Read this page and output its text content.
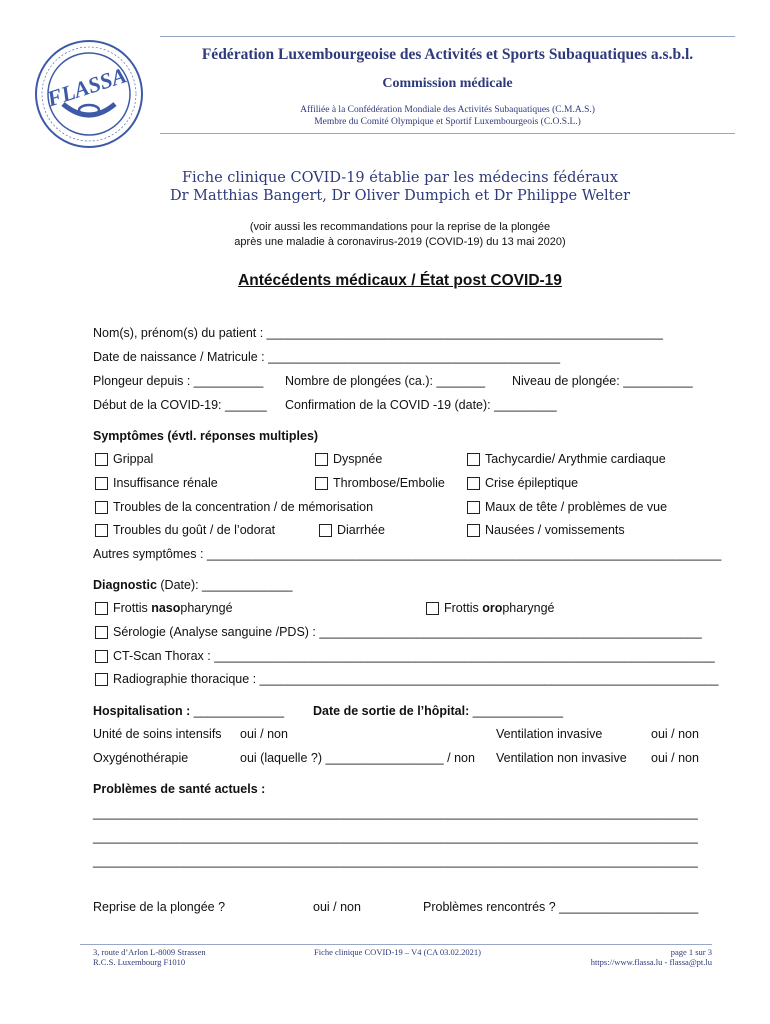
FLASSA
Fédération Luxembourgeoise des Activités et Sports Subaquatiques a.s.b.l.
Commission médicale
Affiliée à la Confédération Mondiale des Activités Subaquatiques (C.M.A.S.)
Membre du Comité Olympique et Sportif Luxembourgeois (C.O.S.L.)
Fiche clinique COVID-19 établie par les médecins fédéraux
Dr Matthias Bangert, Dr Oliver Dumpich et Dr Philippe Welter
(voir aussi les recommandations pour la reprise de la plongée
après une maladie à coronavirus-2019 (COVID-19) du 13 mai 2020)
Antécédents médicaux / État post COVID-19
Nom(s), prénom(s) du patient : _________________________________________________________
Date de naissance / Matricule : __________________________________________
Plongeur depuis : __________ Nombre de plongées (ca.): _______ Niveau de plongée: __________
Début de la COVID-19: ______ Confirmation de la COVID -19 (date): _________
Symptômes (évtl. réponses multiples)
Grippal	Dyspnée	Tachycardie/ Arythmie cardiaque
Insuffisance rénale	Thrombose/Embolie	Crise épileptique
Troubles de la concentration / de mémorisation	Maux de tête / problèmes de vue
Troubles du goût / de l’odorat	Diarrhée	Nausées / vomissements
Autres symptômes : __________________________________________________________________________
Diagnostic (Date): _____________
Frottis nasopharyngé	Frottis oropharyngé
Sérologie (Analyse sanguine /PDS) : _______________________________________________________
CT-Scan Thorax : ________________________________________________________________________
Radiographie thoracique : __________________________________________________________________
Hospitalisation : _____________ Date de sortie de l’hôpital: _____________
Unité de soins intensifs oui / non	Ventilation invasive	oui / non
Oxygénothérapie	oui (laquelle ?) _________________ / non Ventilation non invasive oui / non
Problèmes de santé actuels :
_______________________________________________________________________________________
_______________________________________________________________________________________
_______________________________________________________________________________________
Reprise de la plongée ?	oui / non	Problèmes rencontrés ? ____________________
3, route d’Arlon L-8009 Strassen
R.C.S. Luxembourg F1010
Fiche clinique COVID-19 – V4 (CA 03.02.2021)	page 1 sur 3
https://www.flassa.lu - flassa@pt.lu
